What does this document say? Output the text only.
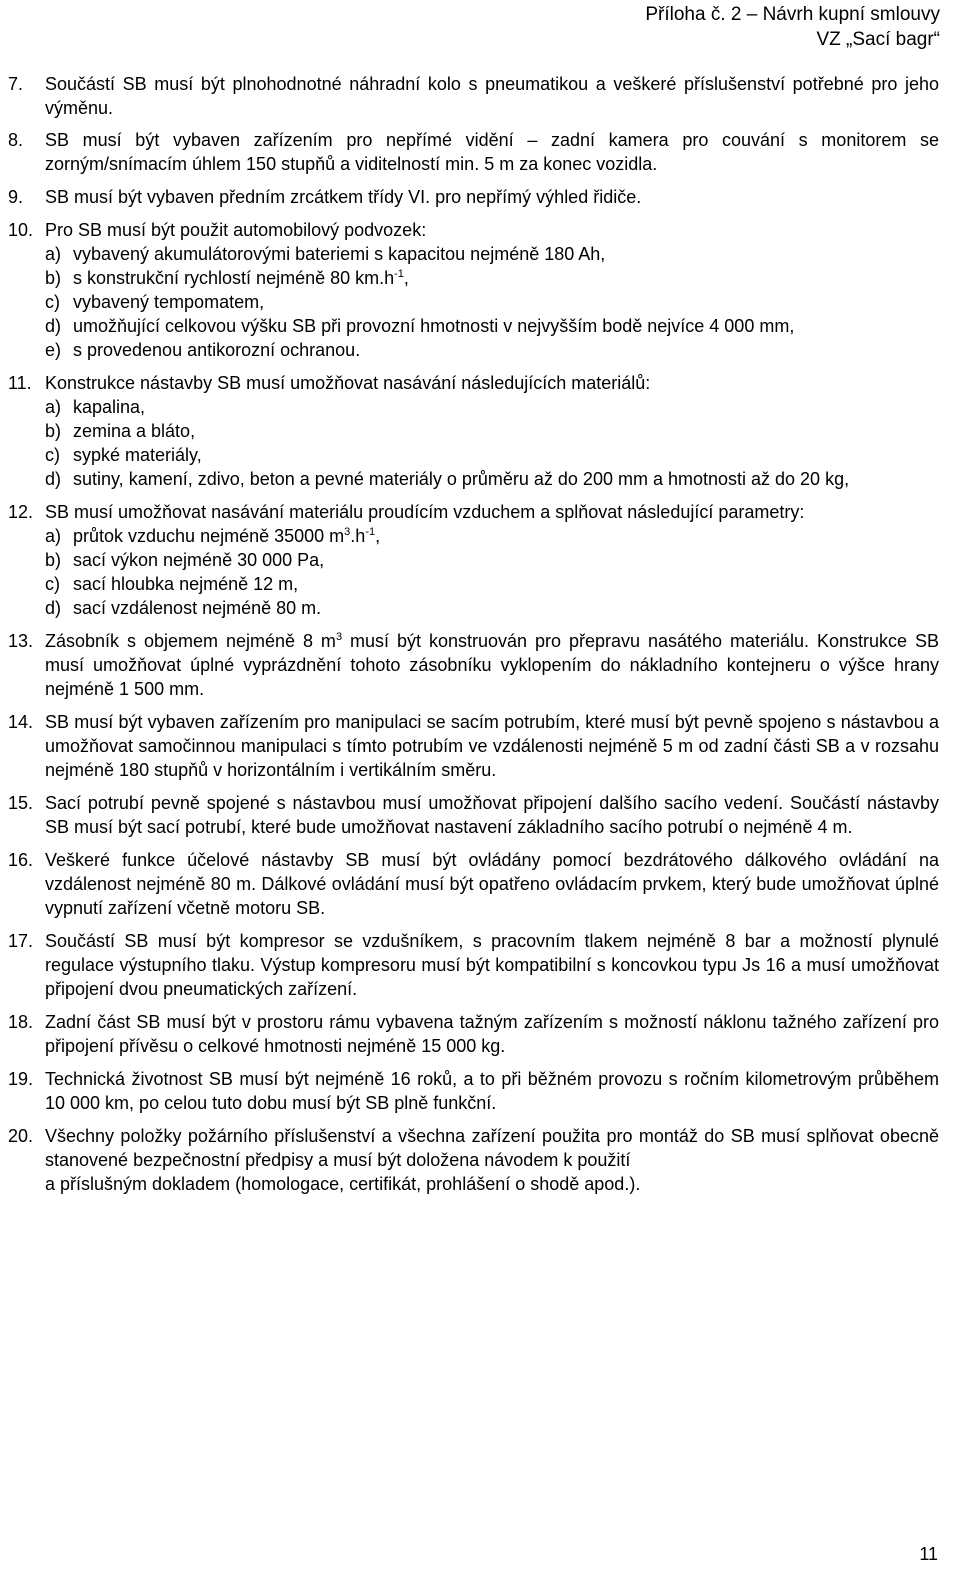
Příloha č. 2 – Návrh kupní smlouvy
VZ „Sací bagr“
7. Součástí SB musí být plnohodnotné náhradní kolo s pneumatikou a veškeré příslušenství potřebné pro jeho výměnu.
8. SB musí být vybaven zařízením pro nepřímé vidění – zadní kamera pro couvání s monitorem se zorným/snímacím úhlem 150 stupňů a viditelností min. 5 m za konec vozidla.
9. SB musí být vybaven předním zrcátkem třídy VI. pro nepřímý výhled řidiče.
10. Pro SB musí být použit automobilový podvozek:
a) vybavený akumulátorovými bateriemi s kapacitou nejméně 180 Ah,
b) s konstrukční rychlostí nejméně 80 $km.h^{-1}$,
c) vybavený tempomatem,
d) umožňující celkovou výšku SB při provozní hmotnosti v nejvyšším bodě nejvíce 4 000 mm,
e) s provedenou antikorozní ochranou.
11. Konstrukce nástavby SB musí umožňovat nasávání následujících materiálů:
a) kapalina,
b) zemina a bláto,
c) sypké materiály,
d) sutiny, kamení, zdivo, beton a pevné materiály o průměru až do 200 mm a hmotnosti až do 20 kg,
12. SB musí umožňovat nasávání materiálu proudícím vzduchem a splňovat následující parametry:
a) průtok vzduchu nejméně 35000 $m^3.h^{-1}$,
b) sací výkon nejméně 30 000 Pa,
c) sací hloubka nejméně 12 m,
d) sací vzdálenost nejméně 80 m.
13. Zásobník s objemem nejméně 8 $m^3$ musí být konstruován pro přepravu nasátého materiálu. Konstrukce SB musí umožňovat úplné vyprázdnění tohoto zásobníku vyklopením do nákladního kontejneru o výšce hrany nejméně 1 500 mm.
14. SB musí být vybaven zařízením pro manipulaci se sacím potrubím, které musí být pevně spojeno s nástavbou a umožňovat samočinnou manipulaci s tímto potrubím ve vzdálenosti nejméně 5 m od zadní části SB a v rozsahu nejméně 180 stupňů v horizontálním i vertikálním směru.
15. Sací potrubí pevně spojené s nástavbou musí umožňovat připojení dalšího sacího vedení. Součástí nástavby SB musí být sací potrubí, které bude umožňovat nastavení základního sacího potrubí o nejméně 4 m.
16. Veškeré funkce účelové nástavby SB musí být ovládány pomocí bezdrátového dálkového ovládání na vzdálenost nejméně 80 m. Dálkové ovládání musí být opatřeno ovládacím prvkem, který bude umožňovat úplné vypnutí zařízení včetně motoru SB.
17. Součástí SB musí být kompresor se vzdušníkem, s pracovním tlakem nejméně 8 bar a možností plynulé regulace výstupního tlaku. Výstup kompresoru musí být kompatibilní s koncovkou typu Js 16 a musí umožňovat připojení dvou pneumatických zařízení.
18. Zadní část SB musí být v prostoru rámu vybavena tažným zařízením s možností náklonu tažného zařízení pro připojení přívěsu o celkové hmotnosti nejméně 15 000 kg.
19. Technická životnost SB musí být nejméně 16 roků, a to při běžném provozu s ročním kilometrovým průběhem 10 000 km, po celou tuto dobu musí být SB plně funkční.
20. Všechny položky požárního příslušenství a všechna zařízení použita pro montáž do SB musí splňovat obecně stanovené bezpečnostní předpisy a musí být doložena návodem k použití
a příslušným dokladem (homologace, certifikát, prohlášení o shodě apod.).
11
